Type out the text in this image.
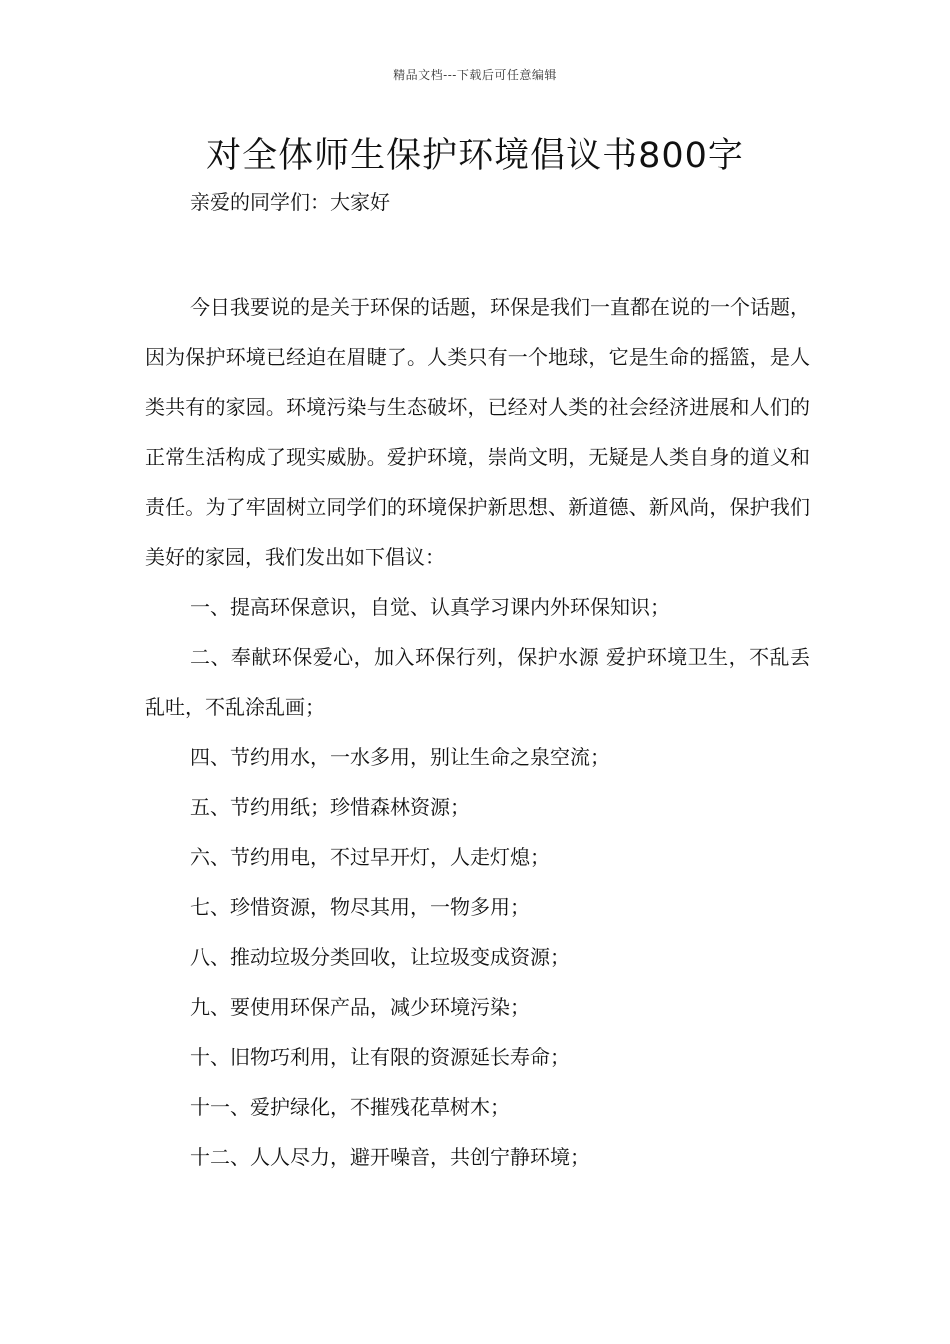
精品文档---下载后可任意编辑
对全体师生保护环境倡议书800字

亲爱的同学们：大家好

今日我要说的是关于环保的话题，环保是我们一直都在说的一个话题，因为保护环境已经迫在眉睫了。人类只有一个地球，它是生命的摇篮，是人类共有的家园。环境污染与生态破坏，已经对人类的社会经济进展和人们的正常生活构成了现实威胁。爱护环境，崇尚文明，无疑是人类自身的道义和责任。为了牢固树立同学们的环境保护新思想、新道德、新风尚，保护我们美好的家园，我们发出如下倡议：

一、提高环保意识，自觉、认真学习课内外环保知识；

二、奉献环保爱心，加入环保行列，保护水源 爱护环境卫生，不乱丢乱吐，不乱涂乱画；

四、节约用水，一水多用，别让生命之泉空流；

五、节约用纸；珍惜森林资源；

六、节约用电，不过早开灯，人走灯熄；

七、珍惜资源，物尽其用，一物多用；

八、推动垃圾分类回收，让垃圾变成资源；

九、要使用环保产品，减少环境污染；

十、旧物巧利用，让有限的资源延长寿命；

十一、爱护绿化，不摧残花草树木；

十二、人人尽力，避开噪音，共创宁静环境；
